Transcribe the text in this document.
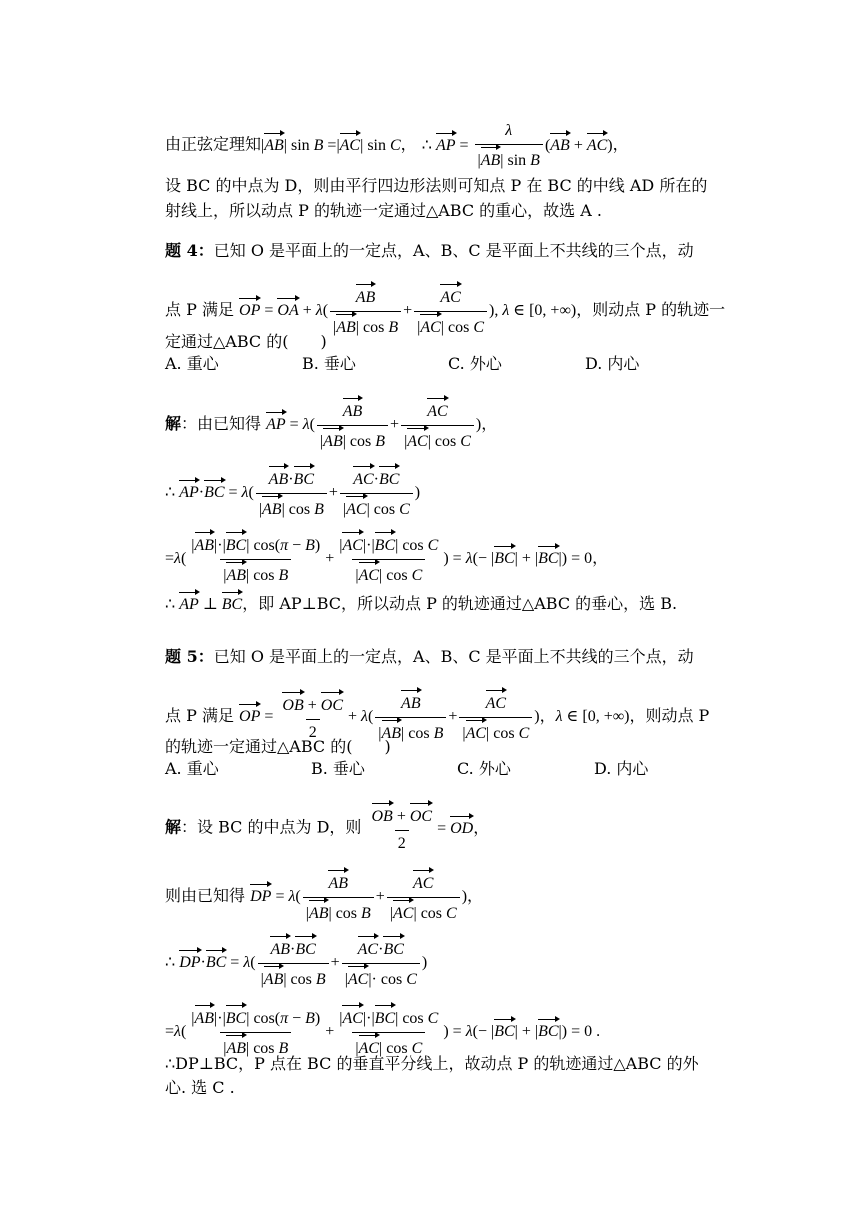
由正弦定理知|AB| sin B =|AC| sin C， ∴ AP = $\frac{\lambda}{\text{|AB| sin B}} (AB + AC)$，
设 BC 的中点为 D，则由平行四边形法则可知点 P 在 BC 的中线 AD 所在的
射线上，所以动点 P 的轨迹一定通过△ABC 的重心，故选 A .
题 4：已知 O 是平面上的一定点，A、B、C 是平面上不共线的三个点，动
点 P 满足 OP = OA + $\lambda( \frac{AB}{\text{|AB| cos B}} + \frac{AC}{\text{|AC| cos C}}$ ), λ ∈ [0, +∞)，则动点 P 的轨迹一
定通过△ABC 的(　　)
A. 重心	B. 垂心	C. 外心	D. 内心
解：由已知得 AP = $\lambda( \frac{AB}{\text{|AB| cos B}} + \frac{AC}{\text{|AC| cos C}}$ )，
∴ $AP\cdot BC = \lambda( \frac{AB\cdot BC}{\text{|AB| cos B}} + \frac{AC\cdot BC}{\text{|AC| cos C}}$ )
$=\lambda( \frac{|AB|\cdot|BC| \cos(\pi - B)}{\text{|AB| cos B}} + \frac{\text{|AC|·|BC| cos C}}{\text{|AC| cos C}}$ ) = λ(− |BC| + |BC|) = 0，
∴ AP ⊥ BC，即 AP⊥BC，所以动点 P 的轨迹通过△ABC 的垂心，选 B.
题 5：已知 O 是平面上的一定点，A、B、C 是平面上不共线的三个点，动
点 P 满足 OP = $\frac{OB + OC}{2} + \lambda( \frac{AB}{\text{|AB| cos B}} + \frac{AC}{\text{|AC| cos C}}$ )，λ ∈ [0, +∞)，则动点 P
的轨迹一定通过△ABC 的(　　)
A. 重心	B. 垂心	C. 外心	D. 内心
解：设 BC 的中点为 D，则 $\frac{OB + OC}{2}$ = OD，
则由已知得 DP = $\lambda( \frac{AB}{\text{|AB| cos B}} + \frac{AC}{\text{|AC| cos C}}$ )，
∴ $DP\cdot BC = \lambda( \frac{AB\cdot BC}{\text{|AB| cos B}} + \frac{AC\cdot BC}{\text{|AC|· cos C}}$ )
$=\lambda( \frac{|AB|\cdot|BC| \cos(\pi - B)}{\text{|AB| cos B}} + \frac{\text{|AC|·|BC| cos C}}{\text{|AC| cos C}}$ ) = λ(− |BC| + |BC|) = 0 .
∴DP⊥BC，P 点在 BC 的垂直平分线上，故动点 P 的轨迹通过△ABC 的外
心. 选 C .
